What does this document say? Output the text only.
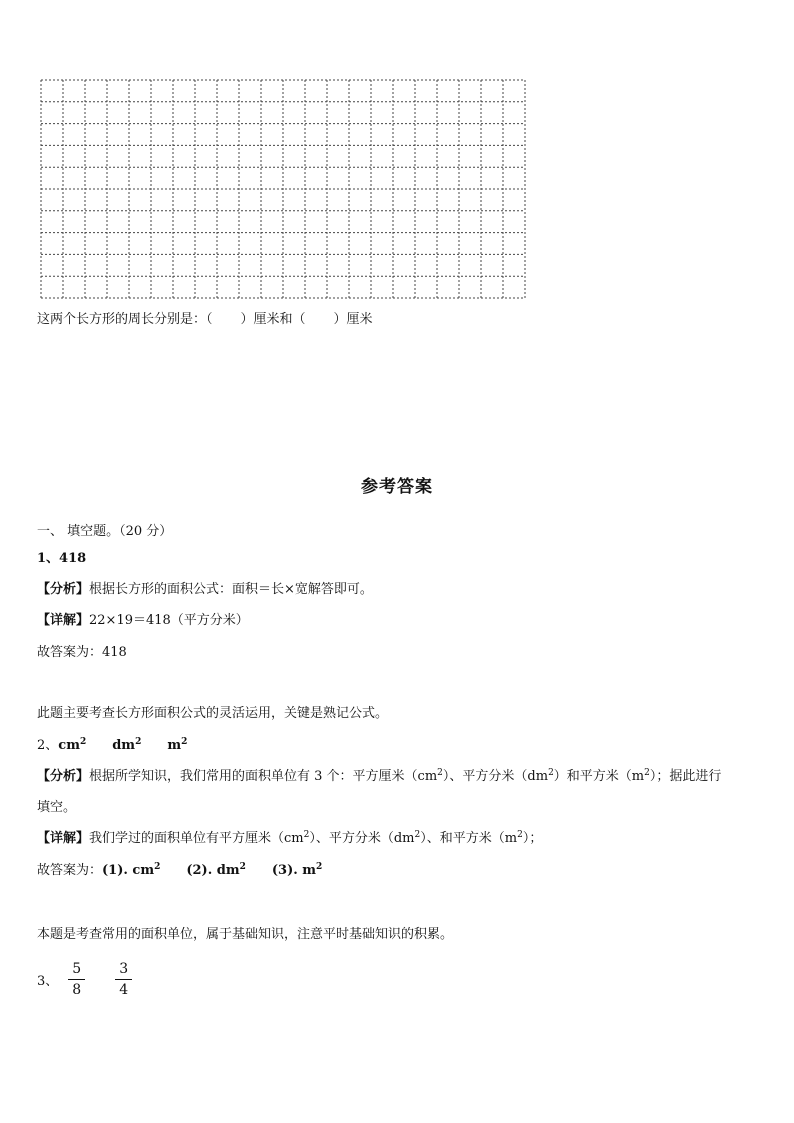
这两个长方形的周长分别是：（ ）厘米和（ ）厘米
参考答案
一、 填空题。（20 分）
1、418
【分析】根据长方形的面积公式：面积＝长×宽解答即可。
【详解】22×19＝418（平方分米）
故答案为：418
此题主要考查长方形面积公式的灵活运用，关键是熟记公式。
2、$cm^2$ $dm^2$ $m^2$
【分析】根据所学知识，我们常用的面积单位有 3 个：平方厘米$(cm^2)$、平方分米$(dm^2)$和平方米$(m^2)$；据此进行
填空。
【详解】我们学过的面积单位有平方厘米$(cm^2)$、平方分米$(dm^2)$、和平方米$(m^2)$；
故答案为：(1). $cm^2$ (2). $dm^2$ (3). $m^2$
本题是考查常用的面积单位，属于基础知识，注意平时基础知识的积累。
3、 $\frac{5}{8} \frac{3}{4}$
